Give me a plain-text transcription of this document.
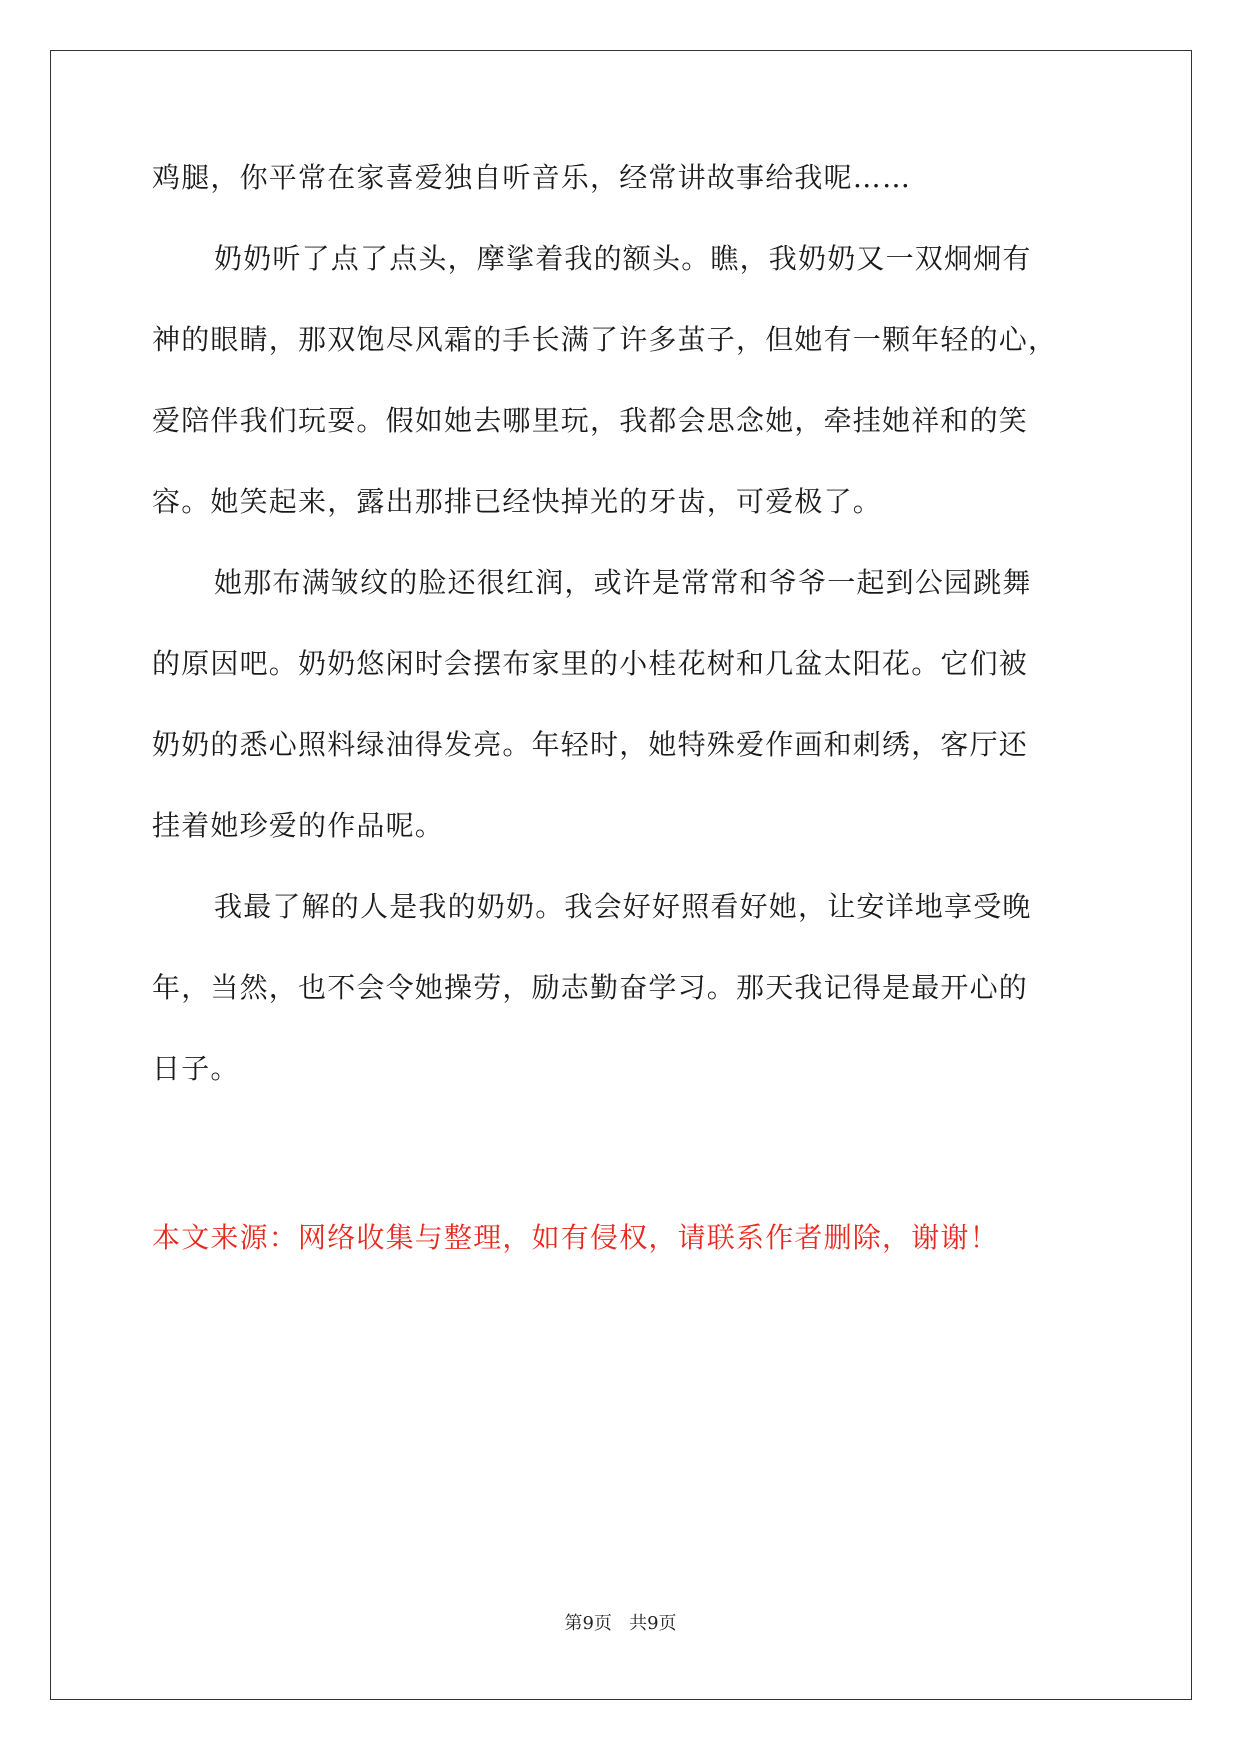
鸡腿，你平常在家喜爱独自听音乐，经常讲故事给我呢……
奶奶听了点了点头，摩挲着我的额头。瞧，我奶奶又一双炯炯有
神的眼睛，那双饱尽风霜的手长满了许多茧子，但她有一颗年轻的心，
爱陪伴我们玩耍。假如她去哪里玩，我都会思念她，牵挂她祥和的笑
容。她笑起来，露出那排已经快掉光的牙齿，可爱极了。
她那布满皱纹的脸还很红润，或许是常常和爷爷一起到公园跳舞
的原因吧。奶奶悠闲时会摆布家里的小桂花树和几盆太阳花。它们被
奶奶的悉心照料绿油得发亮。年轻时，她特殊爱作画和刺绣，客厅还
挂着她珍爱的作品呢。
我最了解的人是我的奶奶。我会好好照看好她，让安详地享受晚
年，当然，也不会令她操劳，励志勤奋学习。那天我记得是最开心的
日子。
本文来源：网络收集与整理，如有侵权，请联系作者删除，谢谢！
第9页 共9页
